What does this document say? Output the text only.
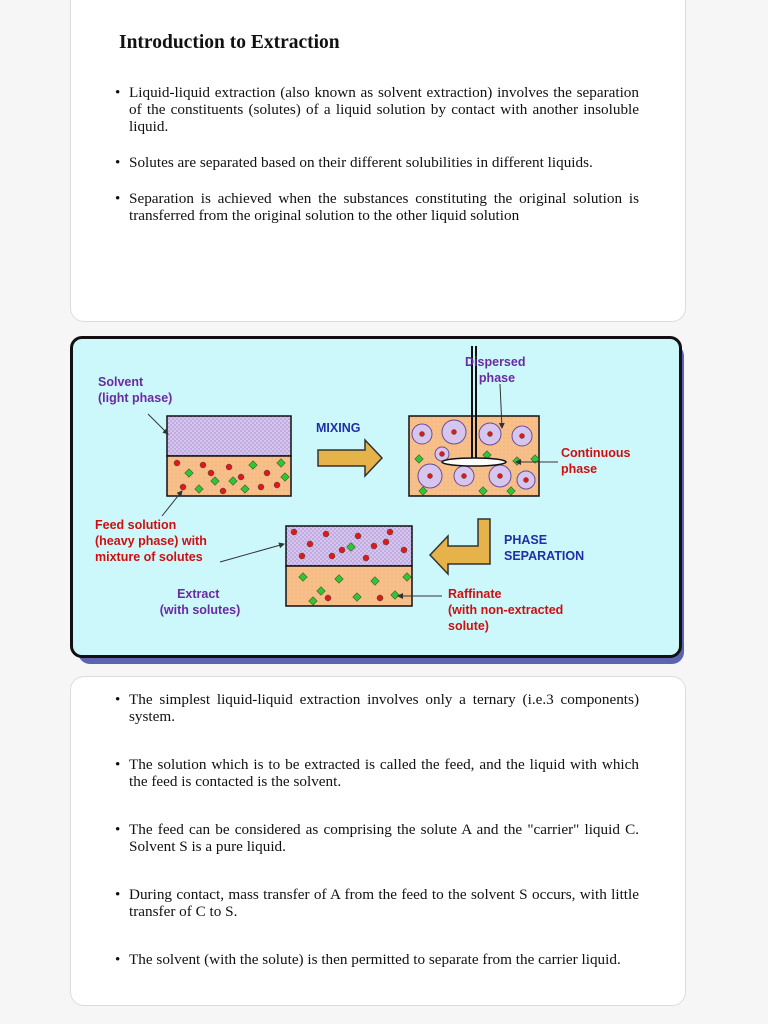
Introduction to Extraction
• Liquid-liquid extraction (also known as solvent extraction) involves the separation of the constituents (solutes) of a liquid solution by contact with another insoluble liquid.
• Solutes are separated based on their different solubilities in different liquids.
• Separation is achieved when the substances constituting the original solution is transferred from the original solution to the other liquid solution
Solvent (light phase)
MIXING
Dispersed phase
Continuous phase
Feed solution (heavy phase) with mixture of solutes
PHASE SEPARATION
Extract (with solutes)
Raffinate (with non-extracted solute)
• The simplest liquid-liquid extraction involves only a ternary (i.e.3 components) system.
• The solution which is to be extracted is called the feed, and the liquid with which the feed is contacted is the solvent.
• The feed can be considered as comprising the solute A and the "carrier" liquid C. Solvent S is a pure liquid.
• During contact, mass transfer of A from the feed to the solvent S occurs, with little transfer of C to S.
• The solvent (with the solute) is then permitted to separate from the carrier liquid.
